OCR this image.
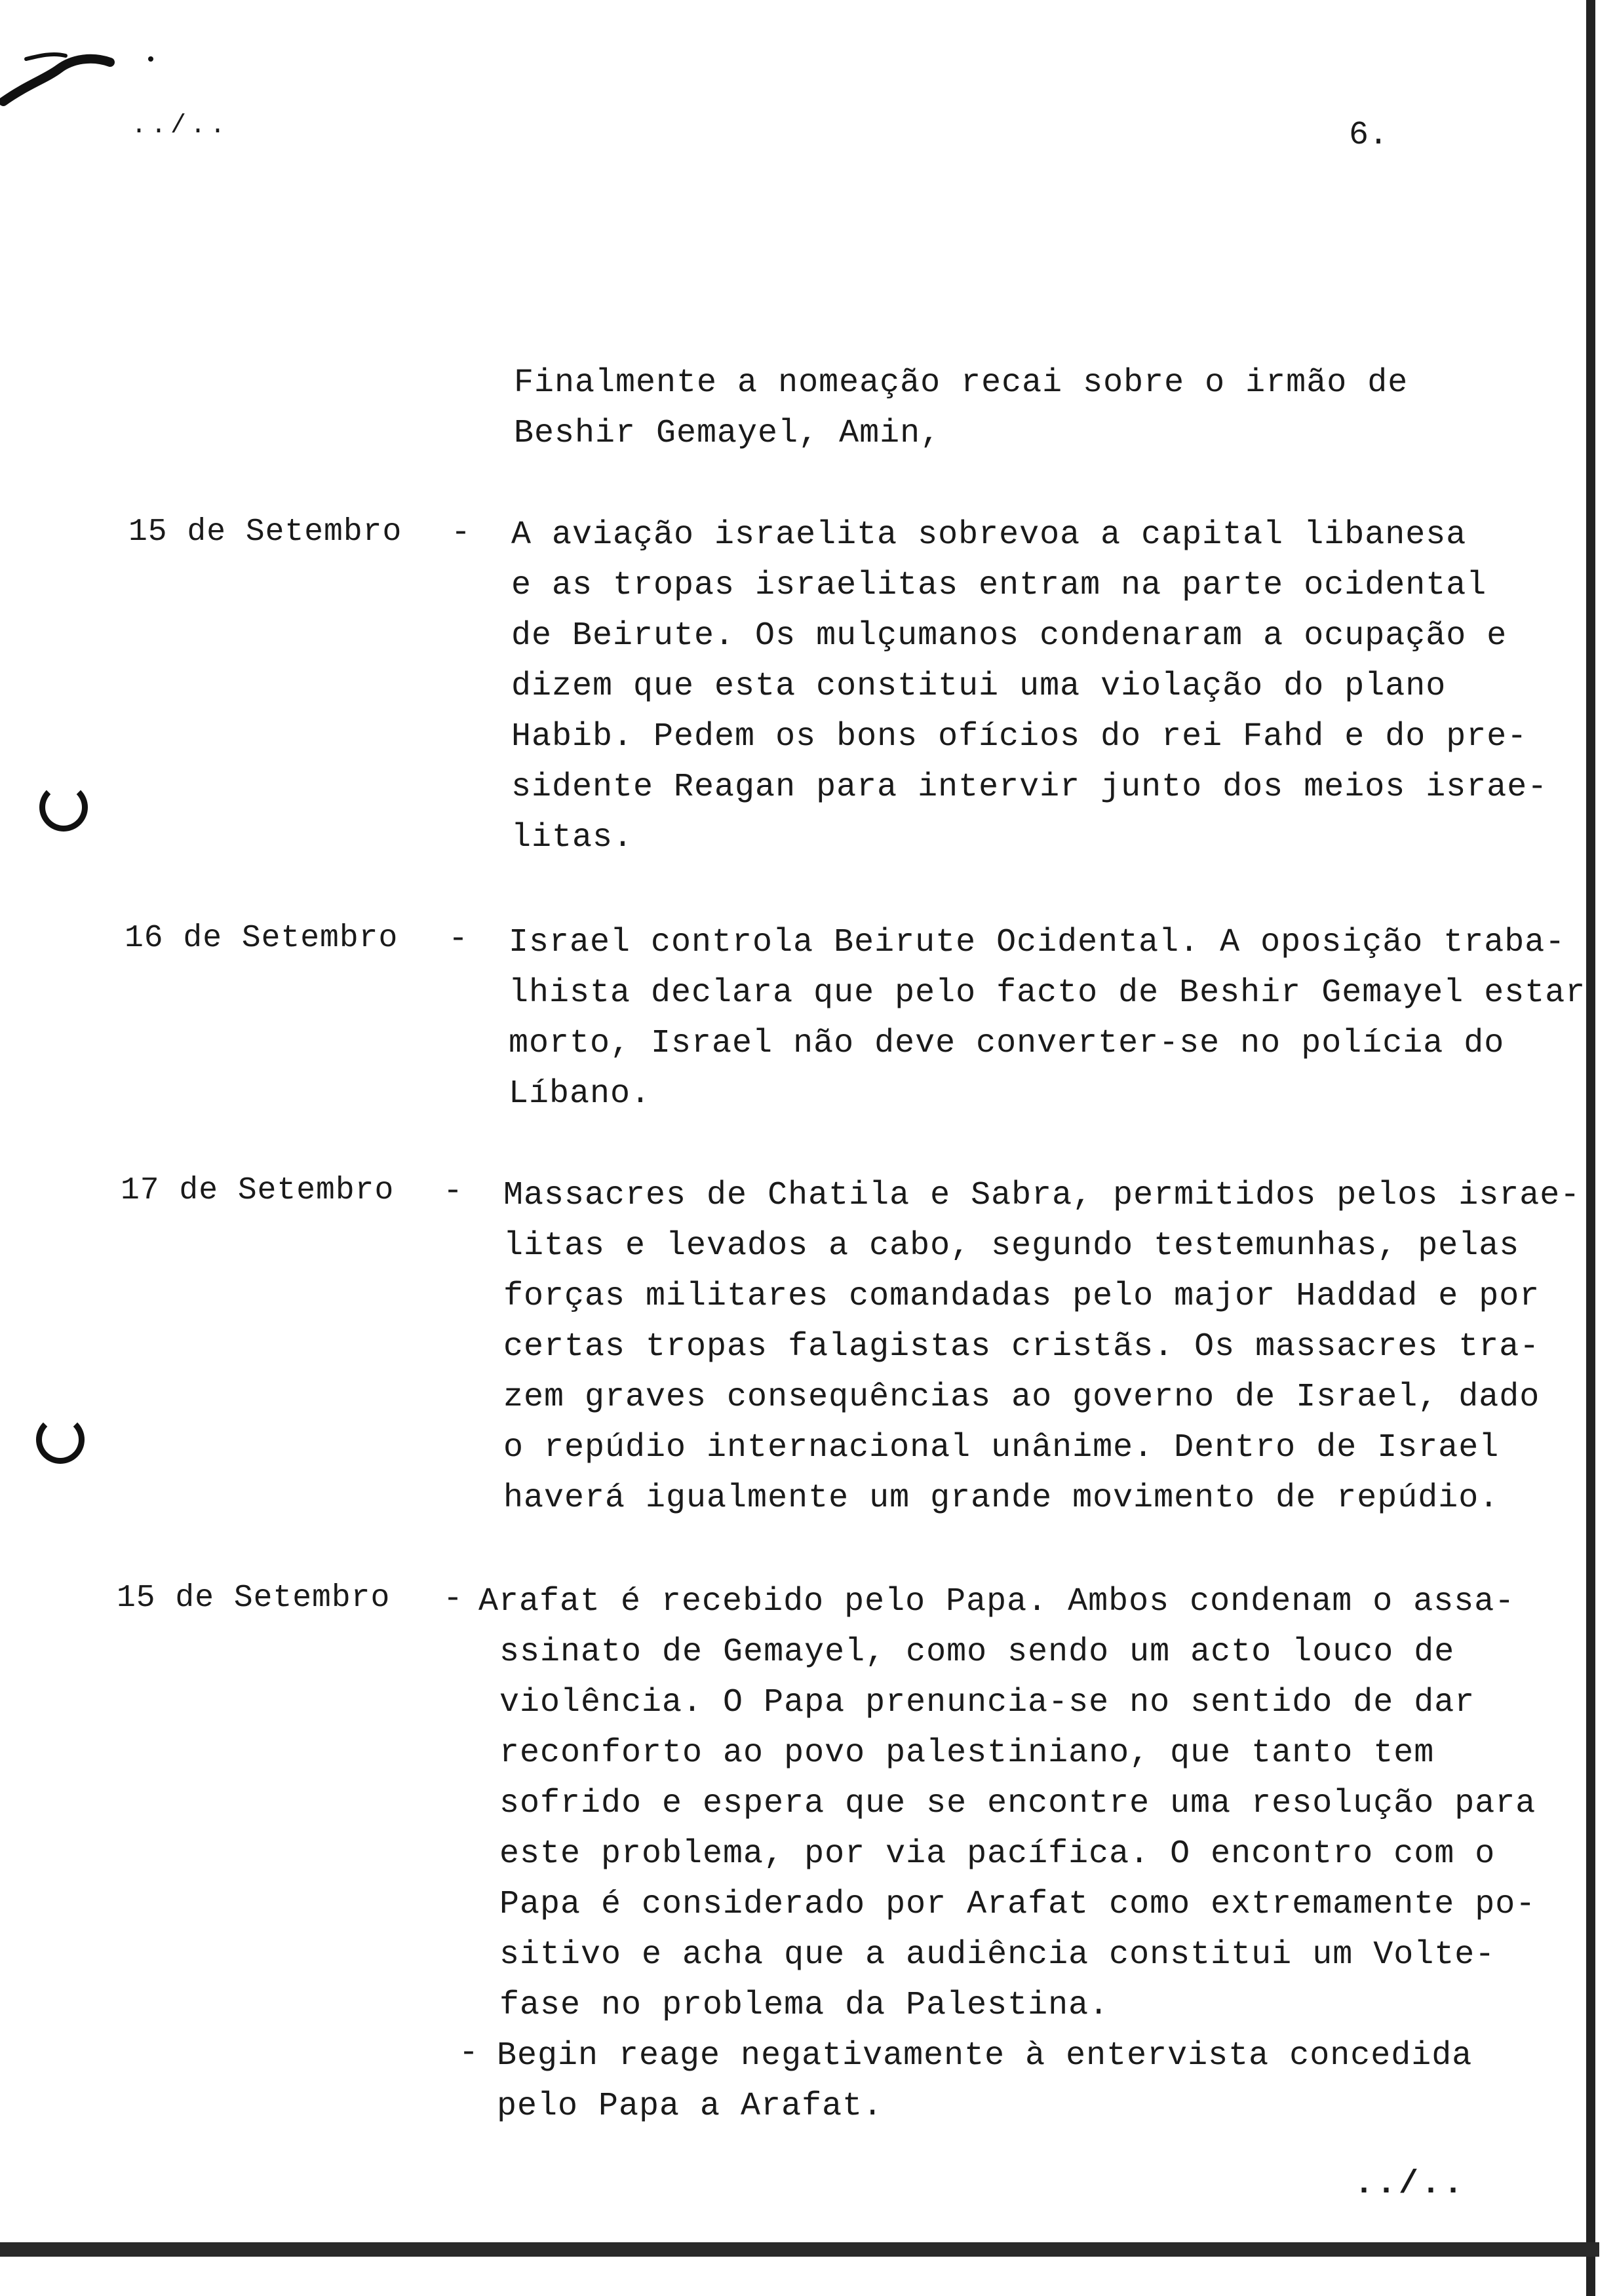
../..	6.
Finalmente a nomeação recai sobre o irmão de
Beshir Gemayel, Amin,
15 de Setembro - A aviação israelita sobrevoa a capital libanesa
e as tropas israelitas entram na parte ocidental
de Beirute. Os mulçumanos condenaram a ocupação e
dizem que esta constitui uma violação do plano
Habib. Pedem os bons ofícios do rei Fahd e do pre-
sidente Reagan para intervir junto dos meios israe-
litas.
16 de Setembro - Israel controla Beirute Ocidental. A oposição traba-
lhista declara que pelo facto de Beshir Gemayel estar
morto, Israel não deve converter-se no polícia do
Líbano.
17 de Setembro - Massacres de Chatila e Sabra, permitidos pelos israe-
litas e levados a cabo, segundo testemunhas, pelas
forças militares comandadas pelo major Haddad e por
certas tropas falagistas cristãs. Os massacres tra-
zem graves consequências ao governo de Israel, dado
o repúdio internacional unânime. Dentro de Israel
haverá igualmente um grande movimento de repúdio.
15 de Setembro - Arafat é recebido pelo Papa. Ambos condenam o assa-
ssinato de Gemayel, como sendo um acto louco de
violência. O Papa prenuncia-se no sentido de dar
reconforto ao povo palestiniano, que tanto tem
sofrido e espera que se encontre uma resolução para
este problema, por via pacífica. O encontro com o
Papa é considerado por Arafat como extremamente po-
sitivo e acha que a audiência constitui um Volte-
fase no problema da Palestina.
- Begin reage negativamente à entervista concedida
pelo Papa a Arafat.
../..
